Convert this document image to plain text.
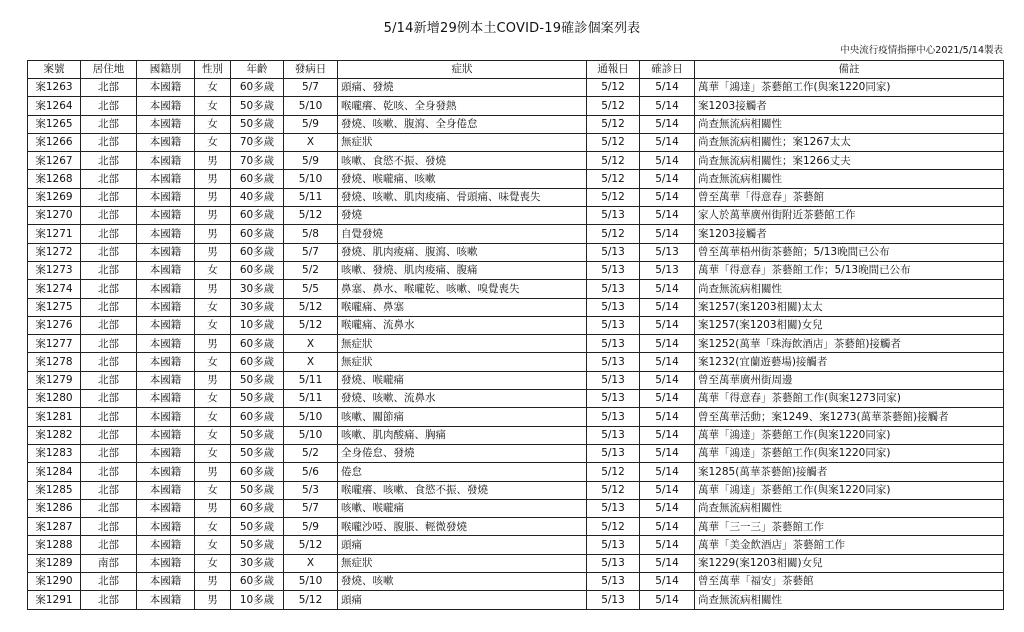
5/14新增29例本土COVID-19確診個案列表
中央流行疫情指揮中心2021/5/14製表
案號	居住地	國籍別	性別	年齡	發病日	症狀	通報日	確診日	備註
案1263	北部	本國籍	女	60多歲	5/7	頭痛、發燒	5/12	5/14	萬華「鴻達」茶藝館工作(與案1220同家)
案1264	北部	本國籍	女	50多歲	5/10	喉嚨癢、乾咳、全身發熱	5/12	5/14	案1203接觸者
案1265	北部	本國籍	女	50多歲	5/9	發燒、咳嗽、腹瀉、全身倦怠	5/12	5/14	尚查無流病相關性
案1266	北部	本國籍	女	70多歲	X	無症狀	5/12	5/14	尚查無流病相關性；案1267太太
案1267	北部	本國籍	男	70多歲	5/9	咳嗽、食慾不振、發燒	5/12	5/14	尚查無流病相關性；案1266丈夫
案1268	北部	本國籍	男	60多歲	5/10	發燒、喉嚨痛、咳嗽	5/12	5/14	尚查無流病相關性
案1269	北部	本國籍	男	40多歲	5/11	發燒、咳嗽、肌肉痠痛、骨頭痛、味覺喪失	5/12	5/14	曾至萬華「得意春」茶藝館
案1270	北部	本國籍	男	60多歲	5/12	發燒	5/13	5/14	家人於萬華廣州街附近茶藝館工作
案1271	北部	本國籍	男	60多歲	5/8	自覺發燒	5/12	5/14	案1203接觸者
案1272	北部	本國籍	男	60多歲	5/7	發燒、肌肉痠痛、腹瀉、咳嗽	5/13	5/13	曾至萬華梧州街茶藝館；5/13晚間已公布
案1273	北部	本國籍	女	60多歲	5/2	咳嗽、發燒、肌肉痠痛、腹痛	5/13	5/13	萬華「得意春」茶藝館工作；5/13晚間已公布
案1274	北部	本國籍	男	30多歲	5/5	鼻塞、鼻水、喉嚨乾、咳嗽、嗅覺喪失	5/13	5/14	尚查無流病相關性
案1275	北部	本國籍	女	30多歲	5/12	喉嚨痛、鼻塞	5/13	5/14	案1257(案1203相關)太太
案1276	北部	本國籍	女	10多歲	5/12	喉嚨痛、流鼻水	5/13	5/14	案1257(案1203相關)女兒
案1277	北部	本國籍	男	60多歲	X	無症狀	5/13	5/14	案1252(萬華「珠海飲酒店」茶藝館)接觸者
案1278	北部	本國籍	女	60多歲	X	無症狀	5/13	5/14	案1232(宜蘭遊藝場)接觸者
案1279	北部	本國籍	男	50多歲	5/11	發燒、喉嚨痛	5/13	5/14	曾至萬華廣州街周邊
案1280	北部	本國籍	女	50多歲	5/11	發燒、咳嗽、流鼻水	5/13	5/14	萬華「得意春」茶藝館工作(與案1273同家)
案1281	北部	本國籍	女	60多歲	5/10	咳嗽、關節痛	5/13	5/14	曾至萬華活動；案1249、案1273(萬華茶藝館)接觸者
案1282	北部	本國籍	女	50多歲	5/10	咳嗽、肌肉酸痛、胸痛	5/13	5/14	萬華「鴻達」茶藝館工作(與案1220同家)
案1283	北部	本國籍	女	50多歲	5/2	全身倦怠、發燒	5/13	5/14	萬華「鴻達」茶藝館工作(與案1220同家)
案1284	北部	本國籍	男	60多歲	5/6	倦怠	5/12	5/14	案1285(萬華茶藝館)接觸者
案1285	北部	本國籍	女	50多歲	5/3	喉嚨癢、咳嗽、食慾不振、發燒	5/12	5/14	萬華「鴻達」茶藝館工作(與案1220同家)
案1286	北部	本國籍	男	60多歲	5/7	咳嗽、喉嚨痛	5/13	5/14	尚查無流病相關性
案1287	北部	本國籍	女	50多歲	5/9	喉嚨沙啞、腹脹、輕微發燒	5/12	5/14	萬華「三一三」茶藝館工作
案1288	北部	本國籍	女	50多歲	5/12	頭痛	5/13	5/14	萬華「美金飲酒店」茶藝館工作
案1289	南部	本國籍	女	30多歲	X	無症狀	5/13	5/14	案1229(案1203相關)女兒
案1290	北部	本國籍	男	60多歲	5/10	發燒、咳嗽	5/13	5/14	曾至萬華「福安」茶藝館
案1291	北部	本國籍	男	10多歲	5/12	頭痛	5/13	5/14	尚查無流病相關性
